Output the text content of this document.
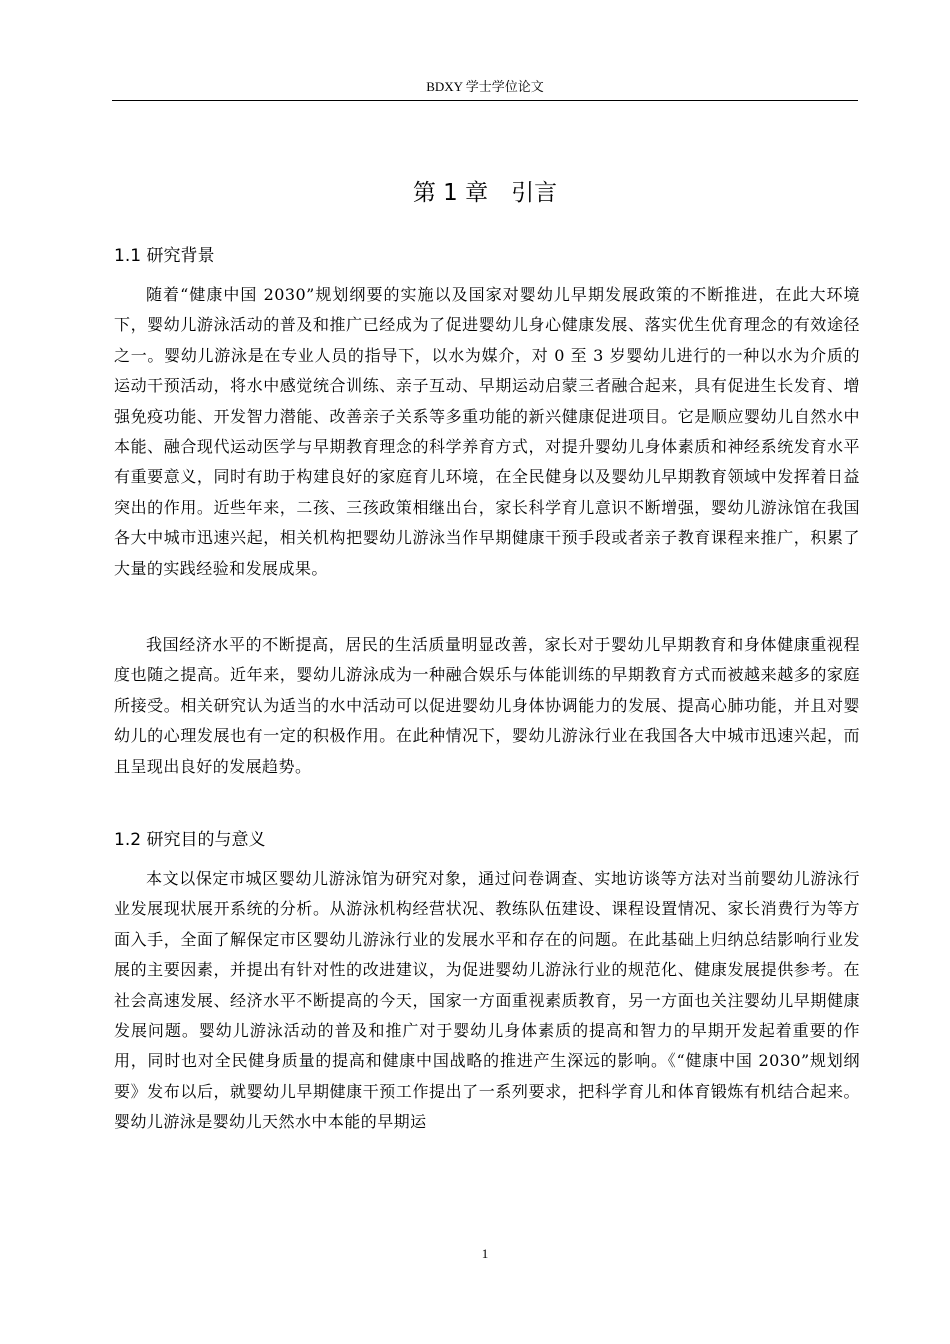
BDXY 学士学位论文
第 1 章　引言
1.1 研究背景

随着“健康中国 2030”规划纲要的实施以及国家对婴幼儿早期发展政策的不断推进，在此大环境下，婴幼儿游泳活动的普及和推广已经成为了促进婴幼儿身心健康发展、落实优生优育理念的有效途径之一。婴幼儿游泳是在专业人员的指导下，以水为媒介，对 0 至 3 岁婴幼儿进行的一种以水为介质的运动干预活动，将水中感觉统合训练、亲子互动、早期运动启蒙三者融合起来，具有促进生长发育、增强免疫功能、开发智力潜能、改善亲子关系等多重功能的新兴健康促进项目。它是顺应婴幼儿自然水中本能、融合现代运动医学与早期教育理念的科学养育方式，对提升婴幼儿身体素质和神经系统发育水平有重要意义，同时有助于构建良好的家庭育儿环境，在全民健身以及婴幼儿早期教育领域中发挥着日益突出的作用。近些年来，二孩、三孩政策相继出台，家长科学育儿意识不断增强，婴幼儿游泳馆在我国各大中城市迅速兴起，相关机构把婴幼儿游泳当作早期健康干预手段或者亲子教育课程来推广，积累了大量的实践经验和发展成果。

我国经济水平的不断提高，居民的生活质量明显改善，家长对于婴幼儿早期教育和身体健康重视程度也随之提高。近年来，婴幼儿游泳成为一种融合娱乐与体能训练的早期教育方式而被越来越多的家庭所接受。相关研究认为适当的水中活动可以促进婴幼儿身体协调能力的发展、提高心肺功能，并且对婴幼儿的心理发展也有一定的积极作用。在此种情况下，婴幼儿游泳行业在我国各大中城市迅速兴起，而且呈现出良好的发展趋势。

1.2 研究目的与意义

本文以保定市城区婴幼儿游泳馆为研究对象，通过问卷调查、实地访谈等方法对当前婴幼儿游泳行业发展现状展开系统的分析。从游泳机构经营状况、教练队伍建设、课程设置情况、家长消费行为等方面入手，全面了解保定市区婴幼儿游泳行业的发展水平和存在的问题。在此基础上归纳总结影响行业发展的主要因素，并提出有针对性的改进建议，为促进婴幼儿游泳行业的规范化、健康发展提供参考。在社会高速发展、经济水平不断提高的今天，国家一方面重视素质教育，另一方面也关注婴幼儿早期健康发展问题。婴幼儿游泳活动的普及和推广对于婴幼儿身体素质的提高和智力的早期开发起着重要的作用，同时也对全民健身质量的提高和健康中国战略的推进产生深远的影响。《“健康中国 2030”规划纲要》发布以后，就婴幼儿早期健康干预工作提出了一系列要求，把科学育儿和体育锻炼有机结合起来。婴幼儿游泳是婴幼儿天然水中本能的早期运

1
